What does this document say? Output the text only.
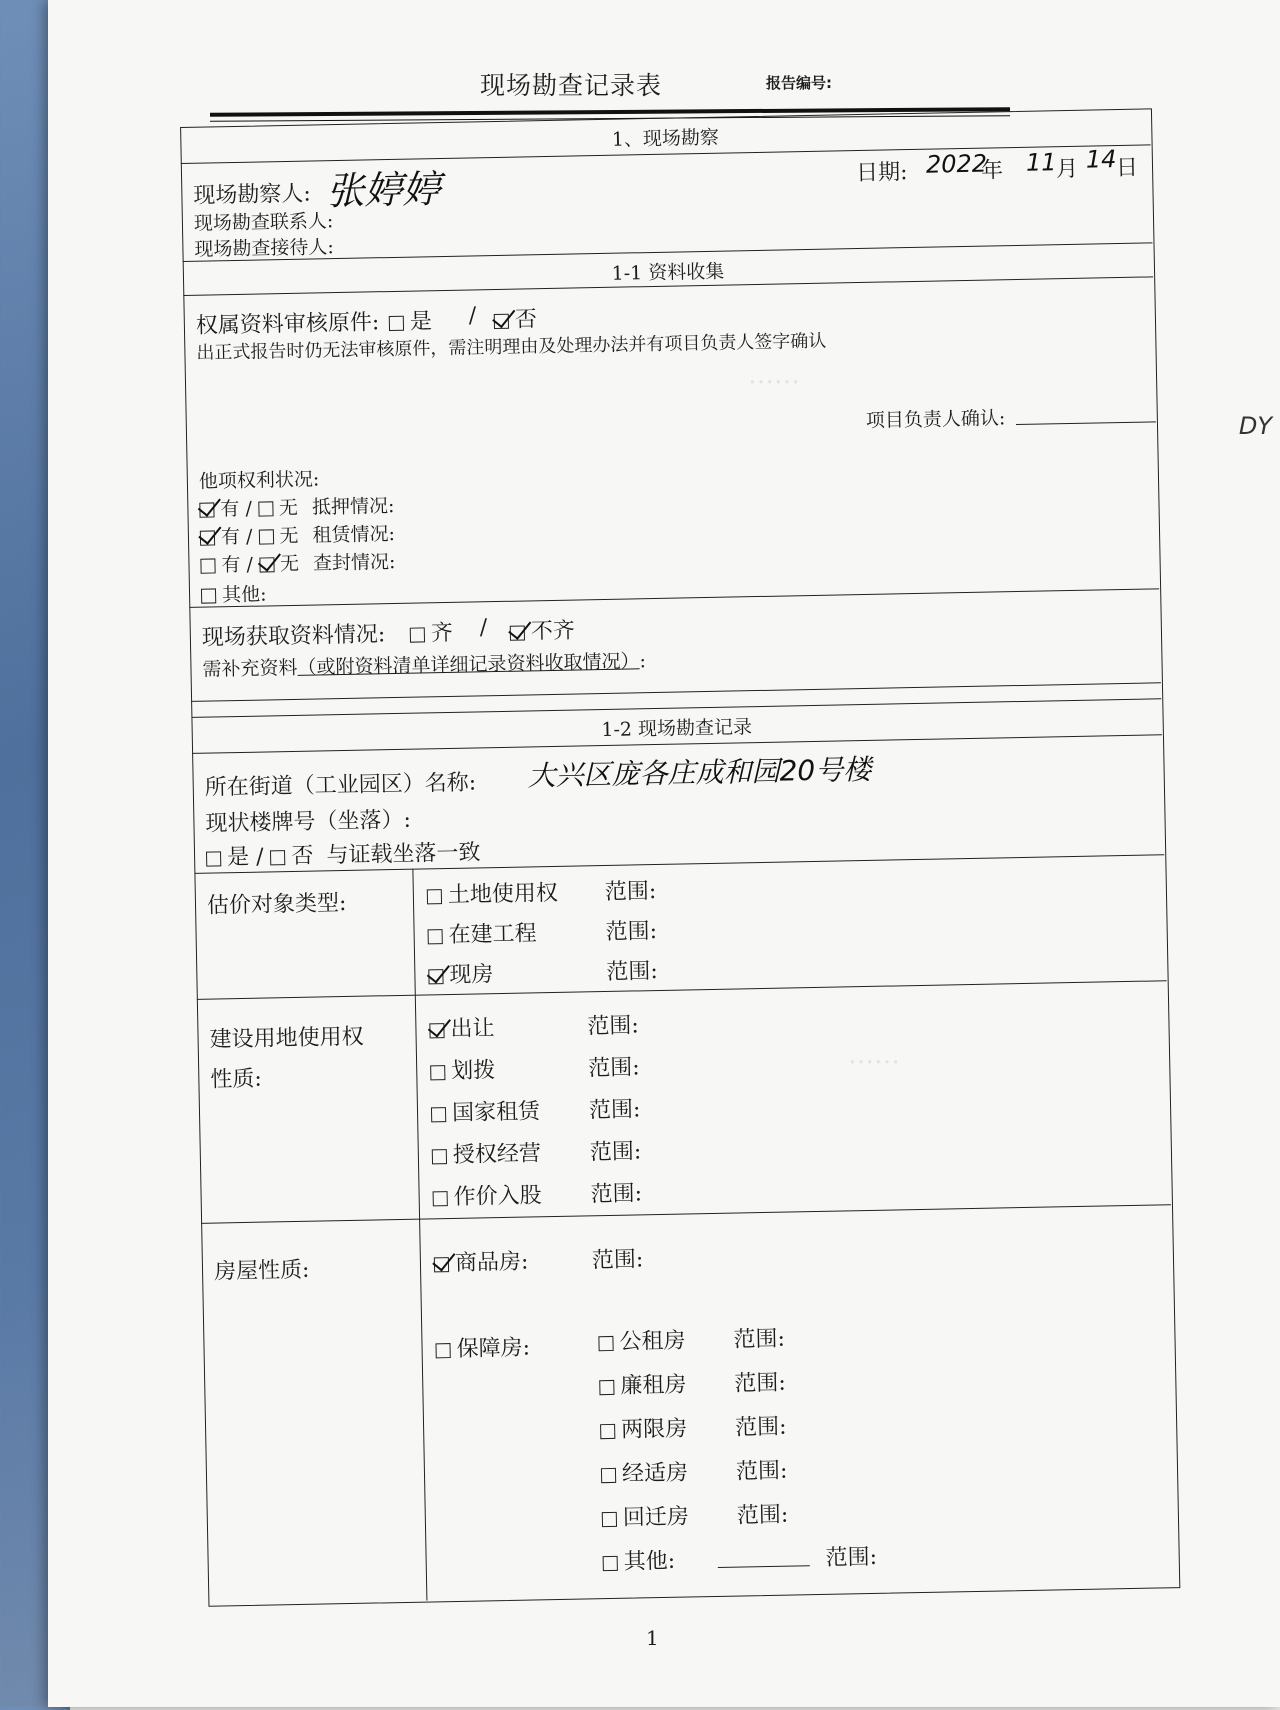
……
……
DY
现场勘查记录表	报告编号:
1、现场勘察
现场勘察人: 张婷婷	日期: 2022
年 11 月 14 日
现场勘查联系人:
现场勘查接待人:
1-1 资料收集
权属资料审核原件:	是 /	否
出正式报告时仍无法审核原件，需注明理由及处理办法并有项目负责人签字确认
项目负责人确认:
他项权利状况:
有 / 无 抵押情况:
有 / 无 租赁情况:
有 / 无 查封情况:
其他:
现场获取资料情况:	齐 /	不齐
需补充资料（或附资料清单详细记录资料收取情况）:
1-2 现场勘查记录
所在街道（工业园区）名称: 大兴区庞各庄成和园20号楼
现状楼牌号（坐落）:
是 / 否 与证载坐落一致
估价对象类型:	土地使用权 范围:
在建工程	范围:
现房	范围:
建设用地使用权
性质:
出让	范围:
划拨	范围:
国家租赁 范围:
授权经营 范围:
作价入股 范围:
房屋性质:	商品房:	范围:
保障房:	公租房 范围:
廉租房 范围:
两限房 范围:
经适房 范围:
回迁房 范围:
其他:	范围:
1
